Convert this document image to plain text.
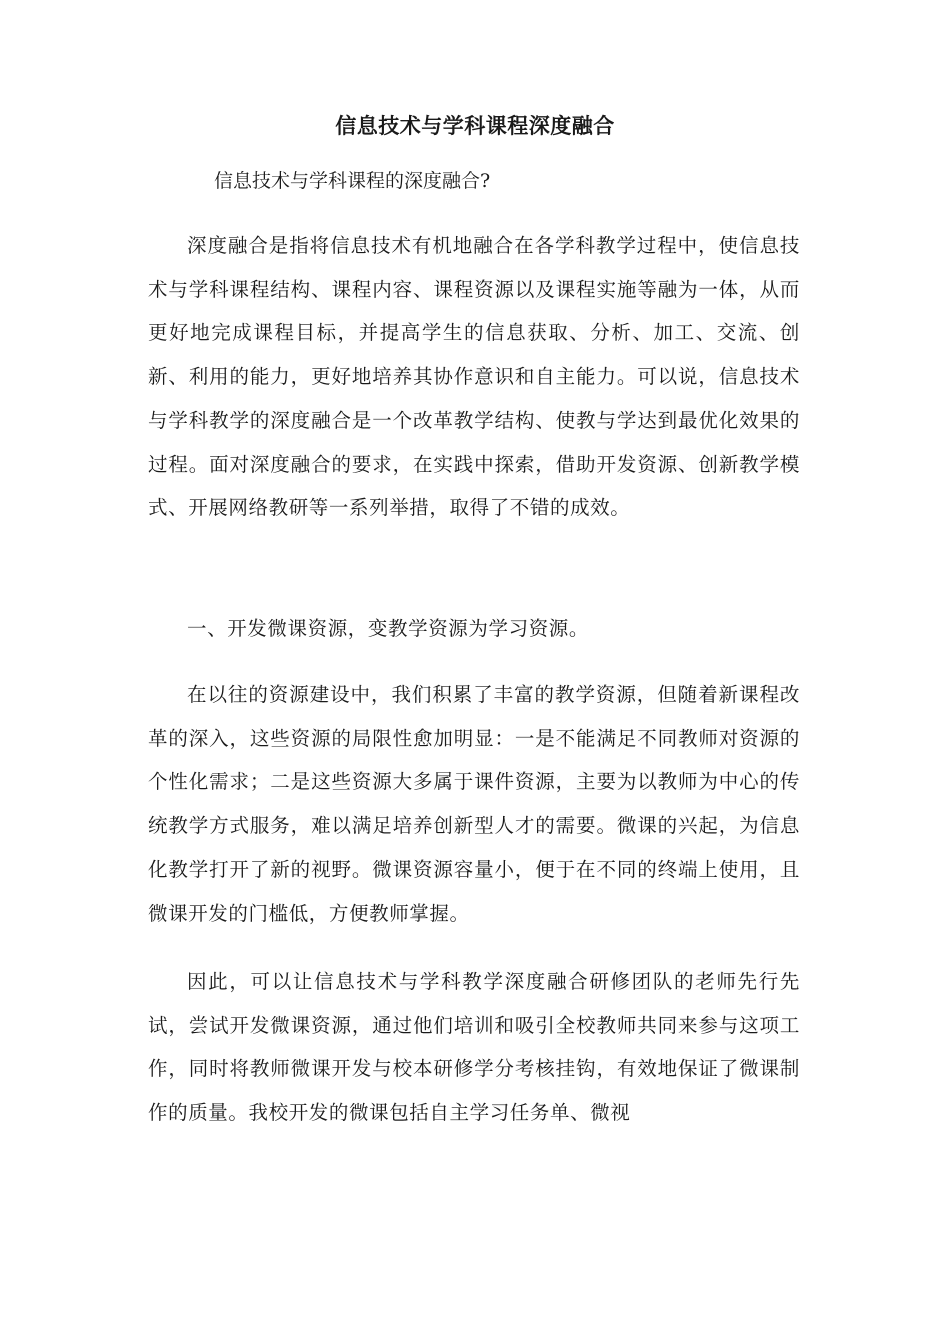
信息技术与学科课程深度融合

信息技术与学科课程的深度融合?

深度融合是指将信息技术有机地融合在各学科教学过程中，使信息技术与学科课程结构、课程内容、课程资源以及课程实施等融为一体，从而更好地完成课程目标，并提高学生的信息获取、分析、加工、交流、创新、利用的能力，更好地培养其协作意识和自主能力。可以说，信息技术与学科教学的深度融合是一个改革教学结构、使教与学达到最优化效果的过程。面对深度融合的要求，在实践中探索，借助开发资源、创新教学模式、开展网络教研等一系列举措，取得了不错的成效。

一、开发微课资源，变教学资源为学习资源。

在以往的资源建设中，我们积累了丰富的教学资源，但随着新课程改革的深入，这些资源的局限性愈加明显：一是不能满足不同教师对资源的个性化需求；二是这些资源大多属于课件资源，主要为以教师为中心的传统教学方式服务，难以满足培养创新型人才的需要。微课的兴起，为信息化教学打开了新的视野。微课资源容量小，便于在不同的终端上使用，且微课开发的门槛低，方便教师掌握。

因此，可以让信息技术与学科教学深度融合研修团队的老师先行先试，尝试开发微课资源，通过他们培训和吸引全校教师共同来参与这项工作，同时将教师微课开发与校本研修学分考核挂钩，有效地保证了微课制作的质量。我校开发的微课包括自主学习任务单、微视
